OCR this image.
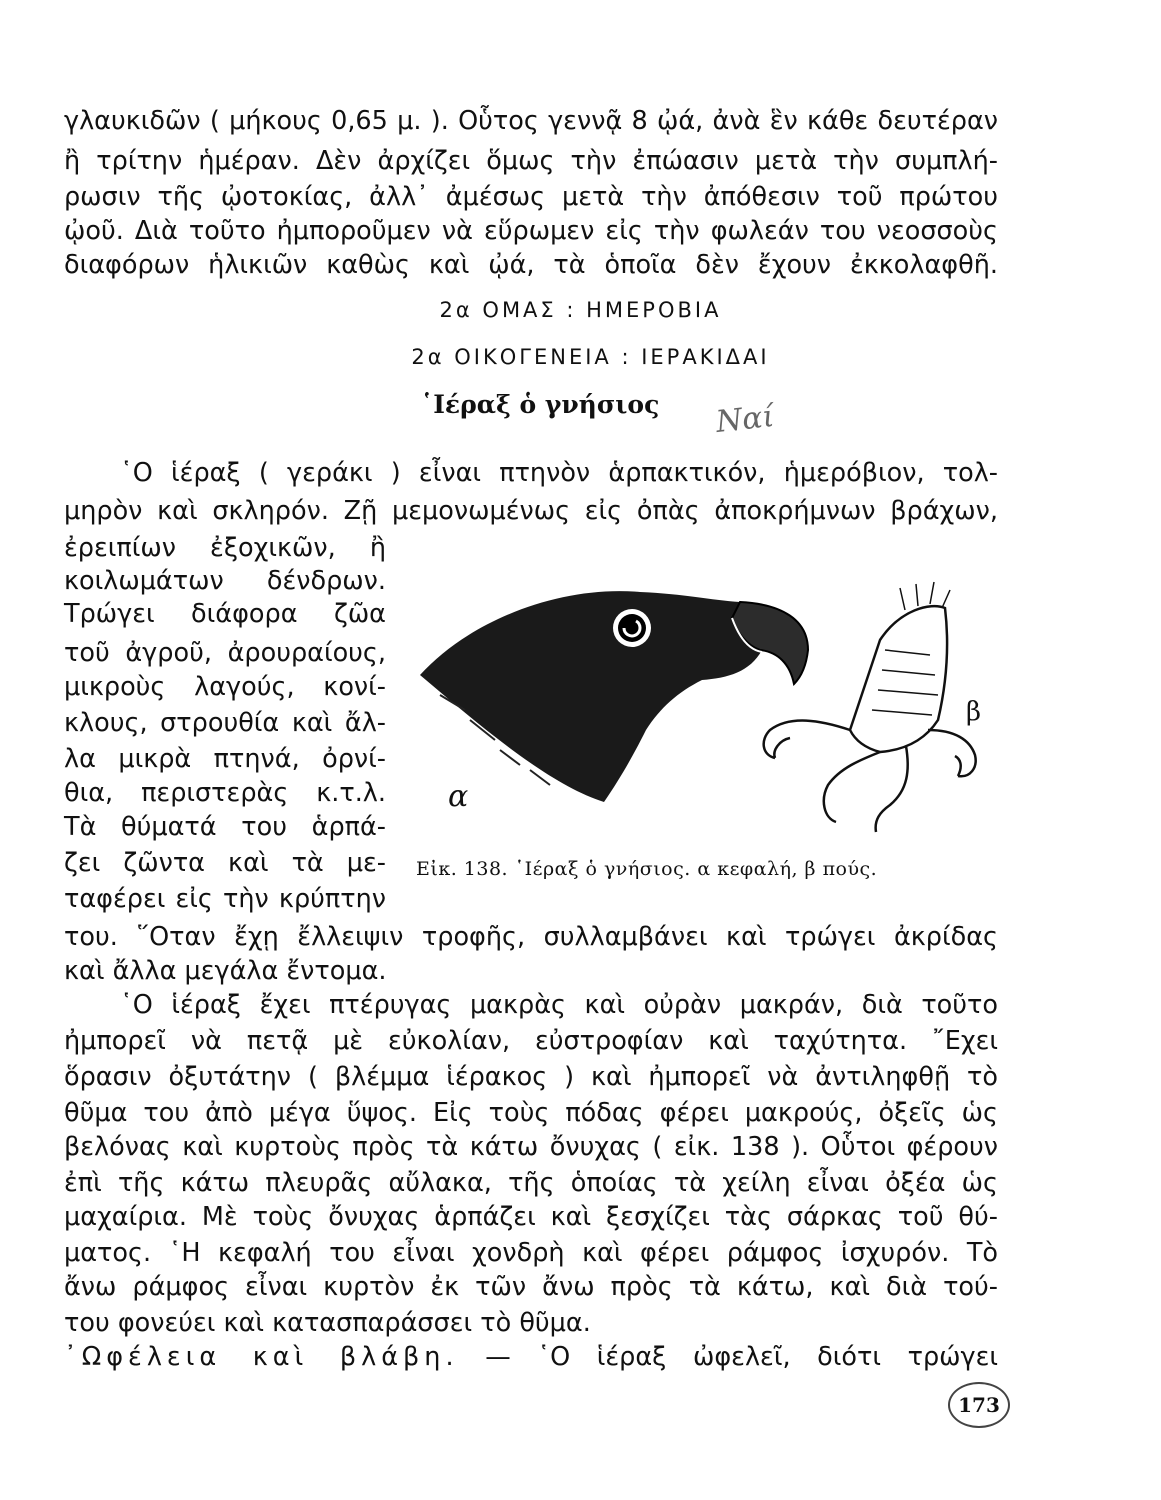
γλαυκιδῶν ( μήκους 0,65 μ. ). Οὗτος γεννᾷ 8 ᾠά, ἀνὰ ἓν κάθε δευτέραν
ἢ τρίτην ἡμέραν. Δὲν ἀρχίζει ὅμως τὴν ἐπώασιν μετὰ τὴν συμπλή-
ρωσιν τῆς ᾠοτοκίας, ἀλλ᾽ ἀμέσως μετὰ τὴν ἀπόθεσιν τοῦ πρώτου
ᾠοῦ. Διὰ τοῦτο ἠμποροῦμεν νὰ εὕρωμεν εἰς τὴν φωλεάν του νεοσσοὺς
διαφόρων ἡλικιῶν καθὼς καὶ ᾠά, τὰ ὁποῖα δὲν ἔχουν ἐκκολαφθῆ.
2α ΟΜΑΣ : ΗΜΕΡΟΒΙΑ
2α ΟΙΚΟΓΕΝΕΙΑ : ΙΕΡΑΚΙΔΑΙ
῾Ιέραξ ὁ γνήσιος	Ναί
῾Ο ἱέραξ ( γεράκι ) εἶναι πτηνὸν ἁρπακτικόν, ἡμερόβιον, τολ-
μηρὸν καὶ σκληρόν. Ζῇ μεμονωμένως εἰς ὀπὰς ἀποκρήμνων βράχων,
ἐρειπίων ἐξοχικῶν, ἢ
κοιλωμάτων δένδρων.
Τρώγει διάφορα ζῶα
τοῦ ἀγροῦ, ἀρουραίους,
μικροὺς λαγούς, κονί-
κλους, στρουθία καὶ ἄλ-
λα μικρὰ πτηνά, ὀρνί-
θια, περιστερὰς κ.τ.λ.
Τὰ θύματά του ἁρπά-
ζει ζῶντα καὶ τὰ με-
ταφέρει εἰς τὴν κρύπτην
του. ῞Οταν ἔχῃ ἔλλειψιν τροφῆς, συλλαμβάνει καὶ τρώγει ἀκρίδας
καὶ ἄλλα μεγάλα ἔντομα.
α
β
Εἰκ. 138. ῾Ιέραξ ὁ γνήσιος. α κεφαλή, β πούς.
῾Ο ἱέραξ ἔχει πτέρυγας μακρὰς καὶ οὐρὰν μακράν, διὰ τοῦτο
ἠμπορεῖ νὰ πετᾷ μὲ εὐκολίαν, εὐστροφίαν καὶ ταχύτητα. ῎Εχει
ὅρασιν ὀξυτάτην ( βλέμμα ἱέρακος ) καὶ ἠμπορεῖ νὰ ἀντιληφθῇ τὸ
θῦμα του ἀπὸ μέγα ὕψος. Εἰς τοὺς πόδας φέρει μακρούς, ὀξεῖς ὡς
βελόνας καὶ κυρτοὺς πρὸς τὰ κάτω ὄνυχας ( εἰκ. 138 ). Οὗτοι φέρουν
ἐπὶ τῆς κάτω πλευρᾶς αὔλακα, τῆς ὁποίας τὰ χείλη εἶναι ὀξέα ὡς
μαχαίρια. Μὲ τοὺς ὄνυχας ἁρπάζει καὶ ξεσχίζει τὰς σάρκας τοῦ θύ-
ματος. ῾Η κεφαλή του εἶναι χονδρὴ καὶ φέρει ράμφος ἰσχυρόν. Τὸ
ἄνω ράμφος εἶναι κυρτὸν ἐκ τῶν ἄνω πρὸς τὰ κάτω, καὶ διὰ τού-
του φονεύει καὶ κατασπαράσσει τὸ θῦμα.
᾿Ωφέλεια καὶ βλάβη. — ῾Ο ἱέραξ ὠφελεῖ, διότι τρώγει
173
